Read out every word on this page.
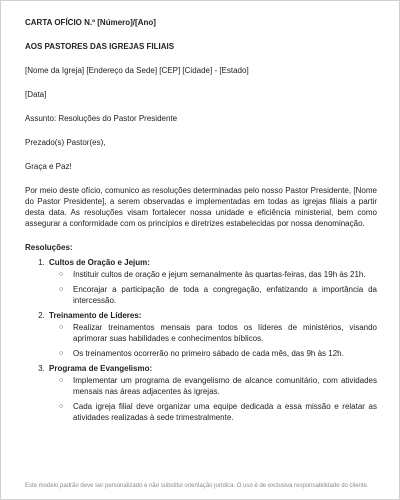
CARTA OFÍCIO N.º [Número]/[Ano]

AOS PASTORES DAS IGREJAS FILIAIS

[Nome da Igreja] [Endereço da Sede] [CEP] [Cidade] - [Estado]

[Data]

Assunto: Resoluções do Pastor Presidente

Prezado(s) Pastor(es),

Graça e Paz!

Por meio deste ofício, comunico as resoluções determinadas pelo nosso Pastor Presidente, [Nome do Pastor Presidente], a serem observadas e implementadas em todas as igrejas filiais a partir desta data. As resoluções visam fortalecer nossa unidade e eficiência ministerial, bem como assegurar a conformidade com os princípios e diretrizes estabelecidas por nossa denominação.

Resoluções:

1. Cultos de Oração e Jejum:
○ Instituir cultos de oração e jejum semanalmente às quartas-feiras, das 19h às 21h.
○ Encorajar a participação de toda a congregação, enfatizando a importância da intercessão.
2. Treinamento de Líderes:
○ Realizar treinamentos mensais para todos os líderes de ministérios, visando aprimorar suas habilidades e conhecimentos bíblicos.
○ Os treinamentos ocorrerão no primeiro sábado de cada mês, das 9h às 12h.
3. Programa de Evangelismo:
○ Implementar um programa de evangelismo de alcance comunitário, com atividades mensais nas áreas adjacentes às igrejas.
○ Cada igreja filial deve organizar uma equipe dedicada a essa missão e relatar as atividades realizadas à sede trimestralmente.

Este modelo padrão deve ser personalizado e não substitui orientação jurídica. O uso é de exclusiva responsabilidade do cliente.
